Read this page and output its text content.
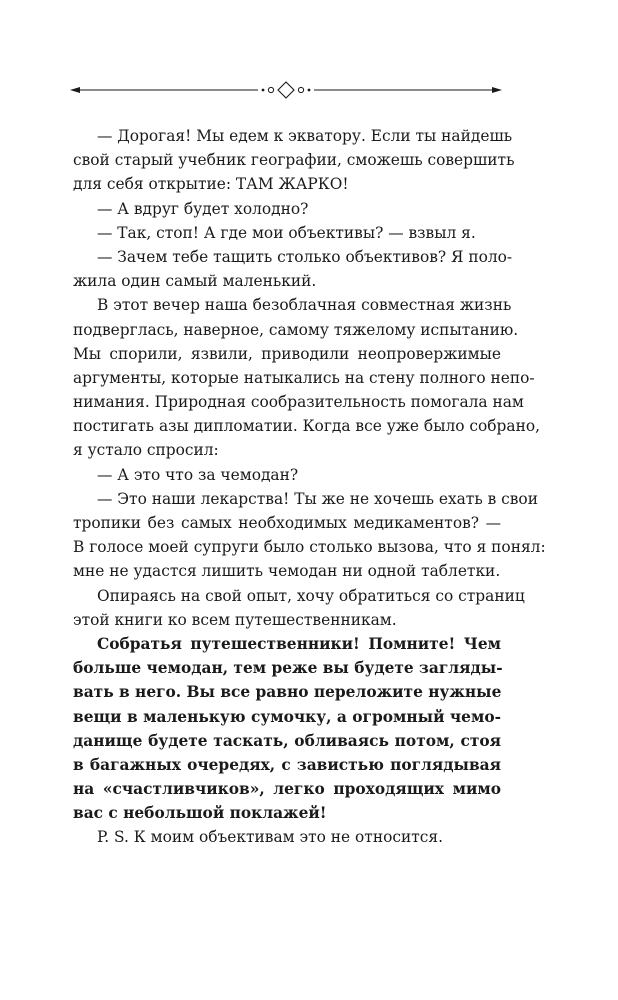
— Дорогая! Мы едем к экватору. Если ты найдешь
свой старый учебник географии, сможешь совершить
для себя открытие: ТАМ ЖАРКО!
— А вдруг будет холодно?
— Так, стоп! А где мои объективы? — взвыл я.
— Зачем тебе тащить столько объективов? Я поло-
жила один самый маленький.
В этот вечер наша безоблачная совместная жизнь
подверглась, наверное, самому тяжелому испытанию.
Мы спорили, язвили, приводили неопровержимые
аргументы, которые натыкались на стену полного непо-
нимания. Природная сообразительность помогала нам
постигать азы дипломатии. Когда все уже было собрано,
я устало спросил:
— А это что за чемодан?
— Это наши лекарства! Ты же не хочешь ехать в свои
тропики без самых необходимых медикаментов? —
В голосе моей супруги было столько вызова, что я понял:
мне не удастся лишить чемодан ни одной таблетки.
Опираясь на свой опыт, хочу обратиться со страниц
этой книги ко всем путешественникам.
Собратья путешественники! Помните! Чем
больше чемодан, тем реже вы будете загляды-
вать в него. Вы все равно переложите нужные
вещи в маленькую сумочку, а огромный чемо-
данище будете таскать, обливаясь потом, стоя
в багажных очередях, с завистью поглядывая
на «счастливчиков», легко проходящих мимо
вас с небольшой поклажей!
P. S. К моим объективам это не относится.
